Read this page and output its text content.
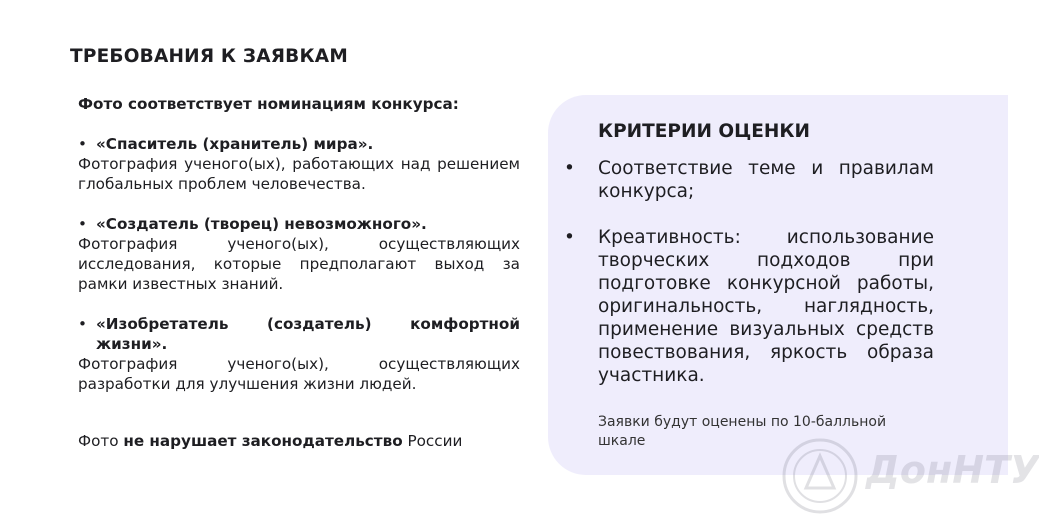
ТРЕБОВАНИЯ К ЗАЯВКАМ
Фото соответствует номинациям конкурса:
• «Спаситель (хранитель) мира».
Фотография ученого(ых), работающих над решением глобальных проблем человечества.
• «Создатель (творец) невозможного».
Фотография ученого(ых), осуществляющих исследования, которые предполагают выход за рамки известных знаний.
• «Изобретатель (создатель) комфортной жизни».
Фотография ученого(ых), осуществляющих разработки для улучшения жизни людей.
Фото не нарушает законодательство России
КРИТЕРИИ ОЦЕНКИ
•	Соответствие теме и правилам конкурса;
•	Креативность: использование творческих подходов при подготовке конкурсной работы, оригинальность, наглядность, применение визуальных средств повествования, яркость образа участника.
Заявки будут оценены по 10-балльной шкале
